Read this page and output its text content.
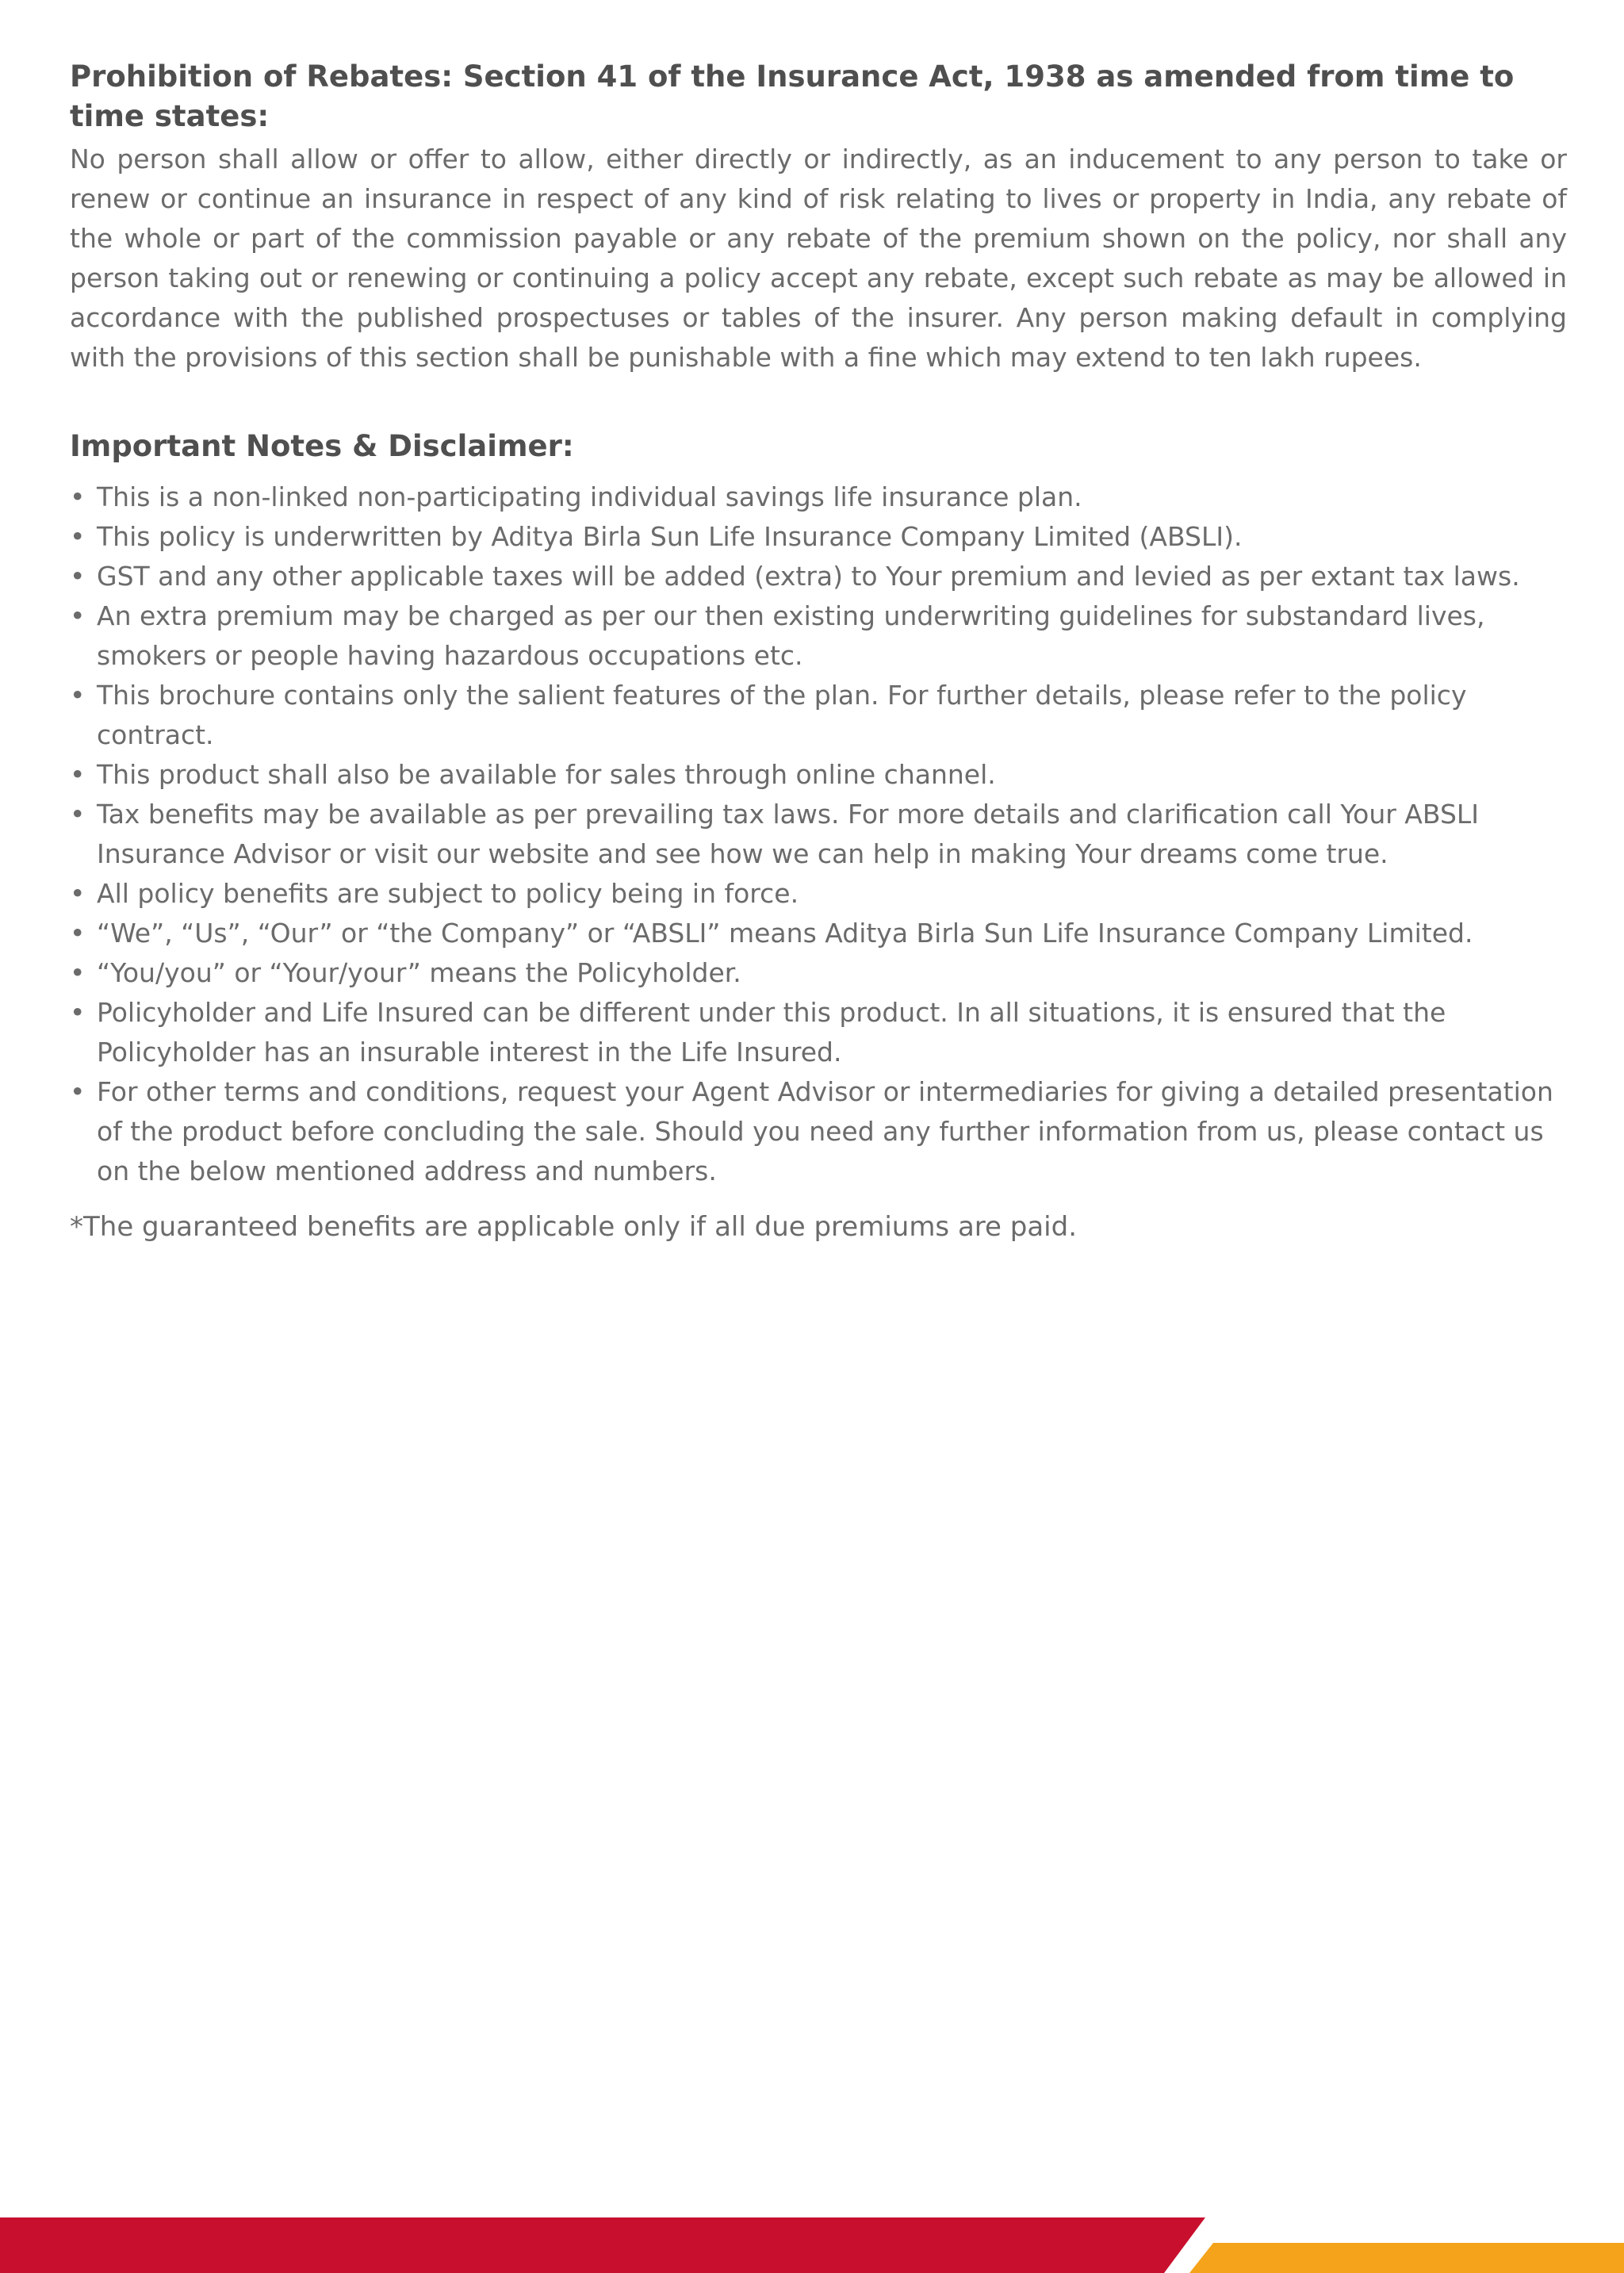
Prohibition of Rebates: Section 41 of the Insurance Act, 1938 as amended from time to time states:

No person shall allow or offer to allow, either directly or indirectly, as an inducement to any person to take or renew or continue an insurance in respect of any kind of risk relating to lives or property in India, any rebate of the whole or part of the commission payable or any rebate of the premium shown on the policy, nor shall any person taking out or renewing or continuing a policy accept any rebate, except such rebate as may be allowed in accordance with the published prospectuses or tables of the insurer. Any person making default in complying with the provisions of this section shall be punishable with a fine which may extend to ten lakh rupees.

Important Notes & Disclaimer:
• This is a non-linked non-participating individual savings life insurance plan.
• This policy is underwritten by Aditya Birla Sun Life Insurance Company Limited (ABSLI).
• GST and any other applicable taxes will be added (extra) to Your premium and levied as per extant tax laws.
• An extra premium may be charged as per our then existing underwriting guidelines for substandard lives, smokers or people having hazardous occupations etc.
• This brochure contains only the salient features of the plan. For further details, please refer to the policy contract.
• This product shall also be available for sales through online channel.
• Tax benefits may be available as per prevailing tax laws. For more details and clarification call Your ABSLI Insurance Advisor or visit our website and see how we can help in making Your dreams come true.
• All policy benefits are subject to policy being in force.
• “We”, “Us”, “Our” or “the Company” or “ABSLI” means Aditya Birla Sun Life Insurance Company Limited.
• “You/you” or “Your/your” means the Policyholder.
• Policyholder and Life Insured can be different under this product. In all situations, it is ensured that the Policyholder has an insurable interest in the Life Insured.
• For other terms and conditions, request your Agent Advisor or intermediaries for giving a detailed presentation of the product before concluding the sale. Should you need any further information from us, please contact us on the below mentioned address and numbers.

*The guaranteed benefits are applicable only if all due premiums are paid.
